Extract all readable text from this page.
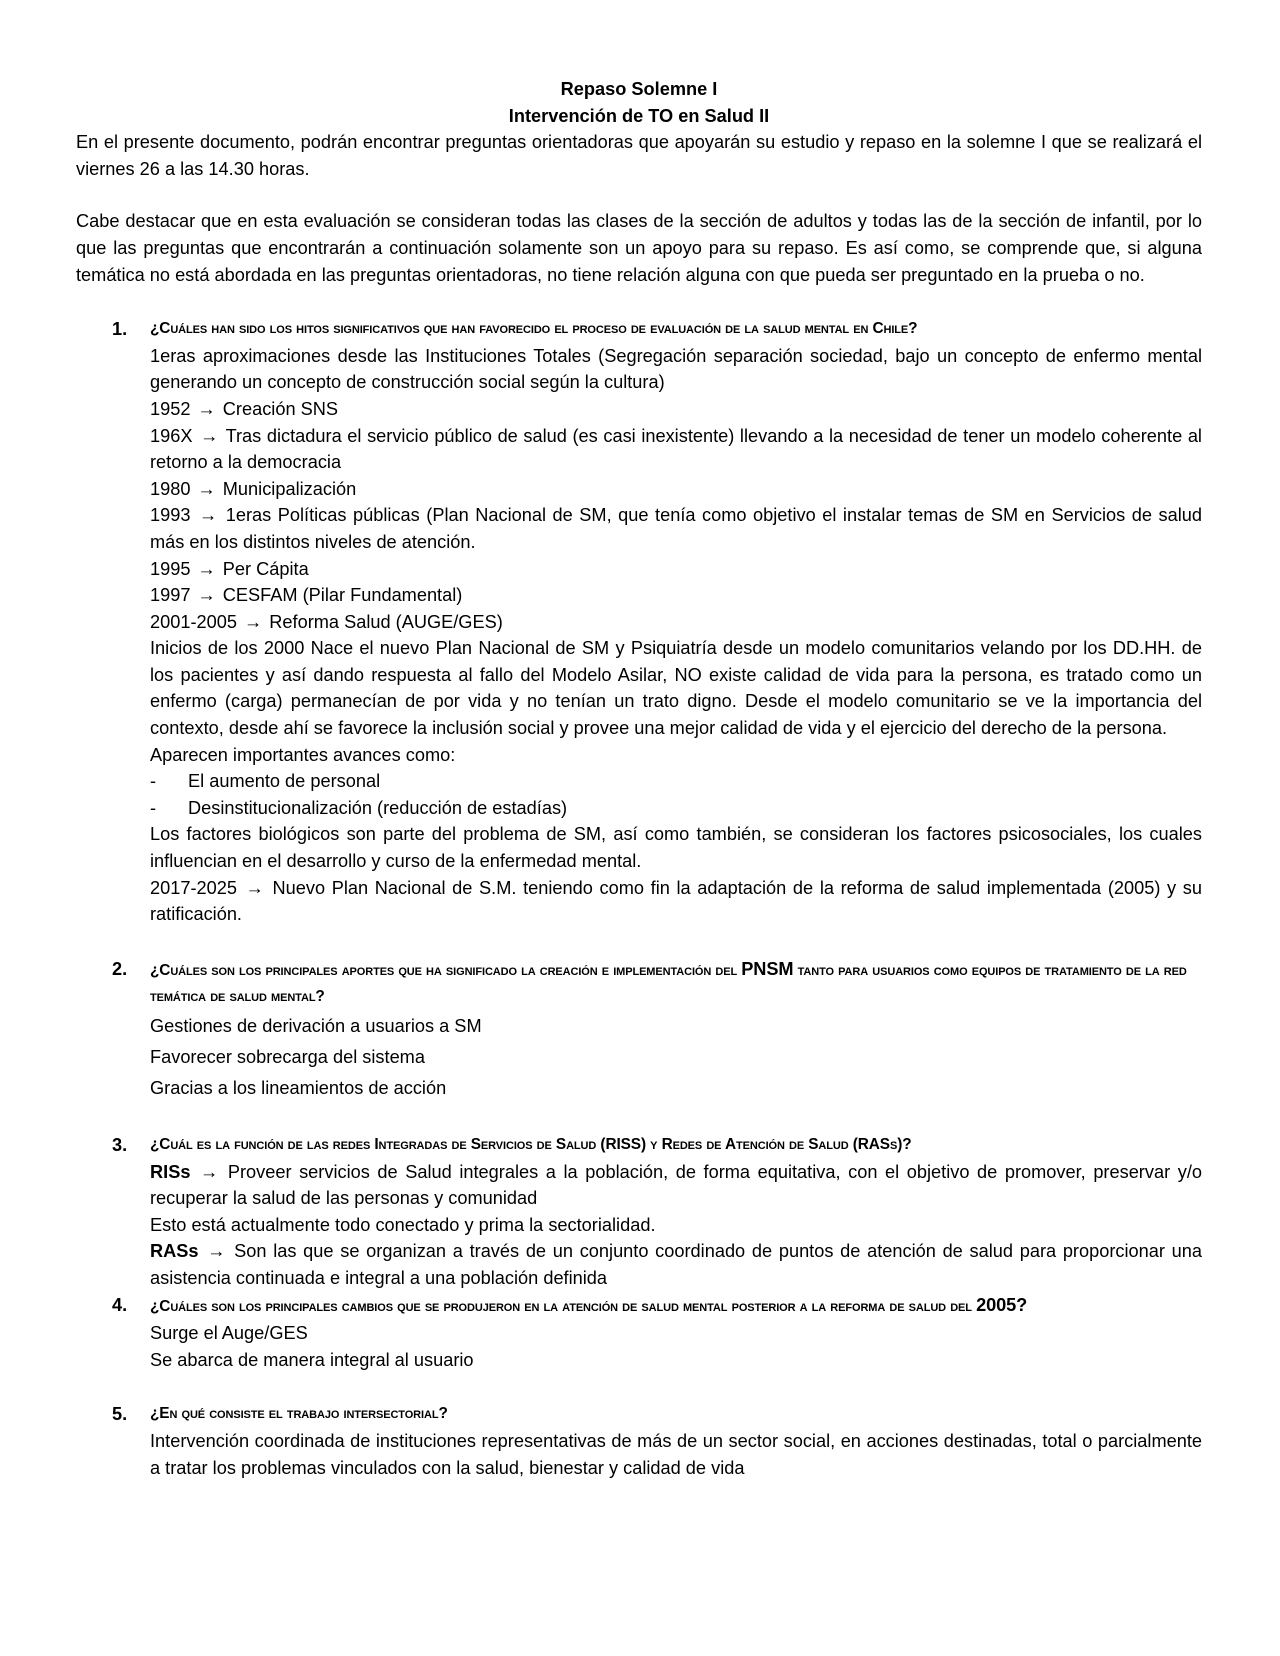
Repaso Solemne I

Intervención de TO en Salud II

En el presente documento, podrán encontrar preguntas orientadoras que apoyarán su estudio y repaso en la solemne I que se realizará el viernes 26 a las 14.30 horas.

Cabe destacar que en esta evaluación se consideran todas las clases de la sección de adultos y todas las de la sección de infantil, por lo que las preguntas que encontrarán a continuación solamente son un apoyo para su repaso. Es así como, se comprende que, si alguna temática no está abordada en las preguntas orientadoras, no tiene relación alguna con que pueda ser preguntado en la prueba o no.

1. ¿Cuáles han sido los hitos significativos que han favorecido el proceso de evaluación de la salud mental en Chile?

1eras aproximaciones desde las Instituciones Totales (Segregación separación sociedad, bajo un concepto de enfermo mental generando un concepto de construcción social según la cultura)

1952 → Creación SNS

196X → Tras dictadura el servicio público de salud (es casi inexistente) llevando a la necesidad de tener un modelo coherente al retorno a la democracia

1980 → Municipalización

1993 → 1eras Políticas públicas (Plan Nacional de SM, que tenía como objetivo el instalar temas de SM en Servicios de salud más en los distintos niveles de atención.

1995 → Per Cápita

1997 → CESFAM (Pilar Fundamental)

2001-2005 → Reforma Salud (AUGE/GES)

Inicios de los 2000 Nace el nuevo Plan Nacional de SM y Psiquiatría desde un modelo comunitarios velando por los DD.HH. de los pacientes y así dando respuesta al fallo del Modelo Asilar, NO existe calidad de vida para la persona, es tratado como un enfermo (carga) permanecían de por vida y no tenían un trato digno. Desde el modelo comunitario se ve la importancia del contexto, desde ahí se favorece la inclusión social y provee una mejor calidad de vida y el ejercicio del derecho de la persona.

Aparecen importantes avances como:

- El aumento de personal

- Desinstitucionalización (reducción de estadías)

Los factores biológicos son parte del problema de SM, así como también, se consideran los factores psicosociales, los cuales influencian en el desarrollo y curso de la enfermedad mental.

2017-2025 → Nuevo Plan Nacional de S.M. teniendo como fin la adaptación de la reforma de salud implementada (2005) y su ratificación.

2. ¿Cuáles son los principales aportes que ha significado la creación e implementación del PNSM tanto para usuarios como equipos de tratamiento de la red temática de salud mental?

Gestiones de derivación a usuarios a SM

Favorecer sobrecarga del sistema

Gracias a los lineamientos de acción

3. ¿Cuál es la función de las redes Integradas de Servicios de Salud (RISS) y Redes de Atención de Salud (RASs)?

RISs → Proveer servicios de Salud integrales a la población, de forma equitativa, con el objetivo de promover, preservar y/o recuperar la salud de las personas y comunidad

Esto está actualmente todo conectado y prima la sectorialidad.

RASs → Son las que se organizan a través de un conjunto coordinado de puntos de atención de salud para proporcionar una asistencia continuada e integral a una población definida

4. ¿Cuáles son los principales cambios que se produjeron en la atención de salud mental posterior a la reforma de salud del 2005?

Surge el Auge/GES

Se abarca de manera integral al usuario

5. ¿En qué consiste el trabajo intersectorial?

Intervención coordinada de instituciones representativas de más de un sector social, en acciones destinadas, total o parcialmente a tratar los problemas vinculados con la salud, bienestar y calidad de vida
